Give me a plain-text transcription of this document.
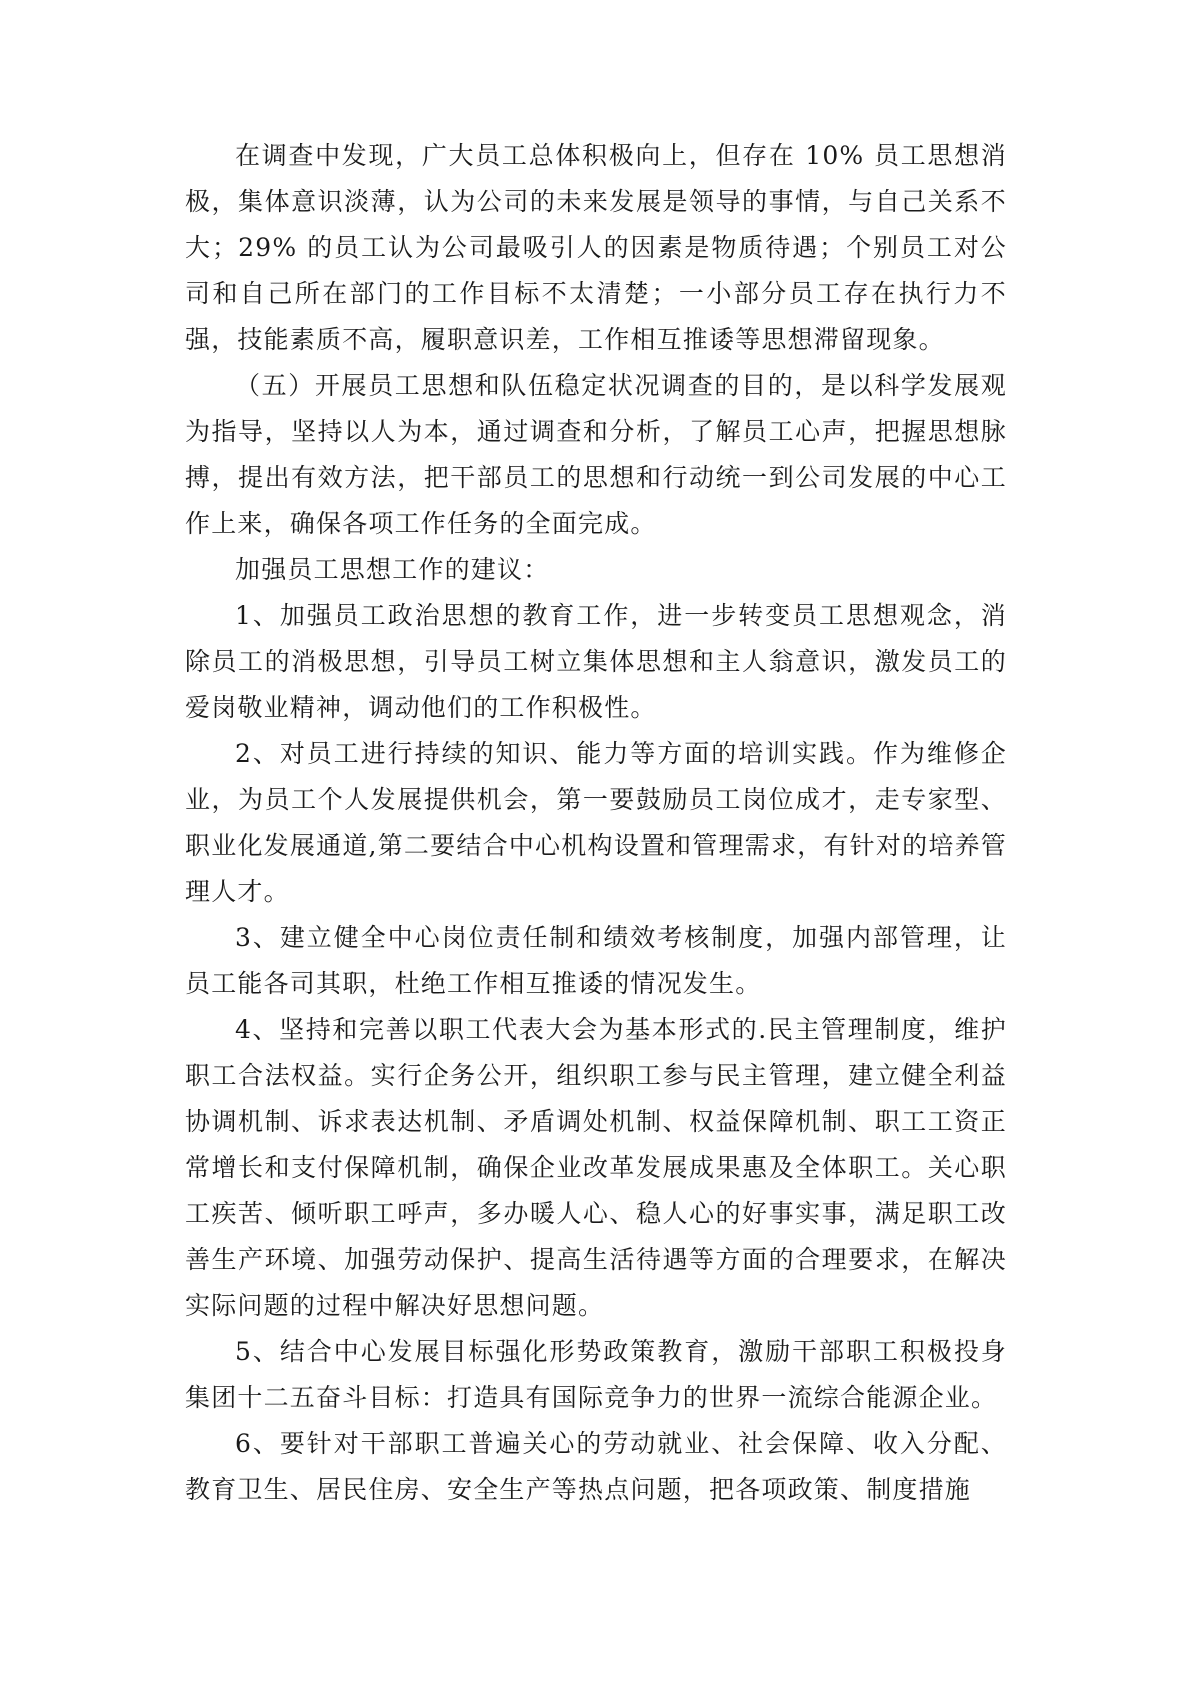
在调查中发现，广大员工总体积极向上，但存在 10% 员工思想消极，集体意识淡薄，认为公司的未来发展是领导的事情，与自己关系不大；29% 的员工认为公司最吸引人的因素是物质待遇；个别员工对公司和自己所在部门的工作目标不太清楚；一小部分员工存在执行力不强，技能素质不高，履职意识差，工作相互推诿等思想滞留现象。

（五）开展员工思想和队伍稳定状况调查的目的，是以科学发展观为指导，坚持以人为本，通过调查和分析，了解员工心声，把握思想脉搏，提出有效方法，把干部员工的思想和行动统一到公司发展的中心工作上来，确保各项工作任务的全面完成。

加强员工思想工作的建议：

1、加强员工政治思想的教育工作，进一步转变员工思想观念，消除员工的消极思想，引导员工树立集体思想和主人翁意识，激发员工的爱岗敬业精神，调动他们的工作积极性。

2、对员工进行持续的知识、能力等方面的培训实践。作为维修企业，为员工个人发展提供机会，第一要鼓励员工岗位成才，走专家型、职业化发展通道,第二要结合中心机构设置和管理需求，有针对的培养管理人才。

3、建立健全中心岗位责任制和绩效考核制度，加强内部管理，让员工能各司其职，杜绝工作相互推诿的情况发生。

4、坚持和完善以职工代表大会为基本形式的.民主管理制度，维护职工合法权益。实行企务公开，组织职工参与民主管理，建立健全利益协调机制、诉求表达机制、矛盾调处机制、权益保障机制、职工工资正常增长和支付保障机制，确保企业改革发展成果惠及全体职工。关心职工疾苦、倾听职工呼声，多办暖人心、稳人心的好事实事，满足职工改善生产环境、加强劳动保护、提高生活待遇等方面的合理要求，在解决实际问题的过程中解决好思想问题。

5、结合中心发展目标强化形势政策教育，激励干部职工积极投身集团十二五奋斗目标：打造具有国际竞争力的世界一流综合能源企业。

6、要针对干部职工普遍关心的劳动就业、社会保障、收入分配、教育卫生、居民住房、安全生产等热点问题，把各项政策、制度措施
